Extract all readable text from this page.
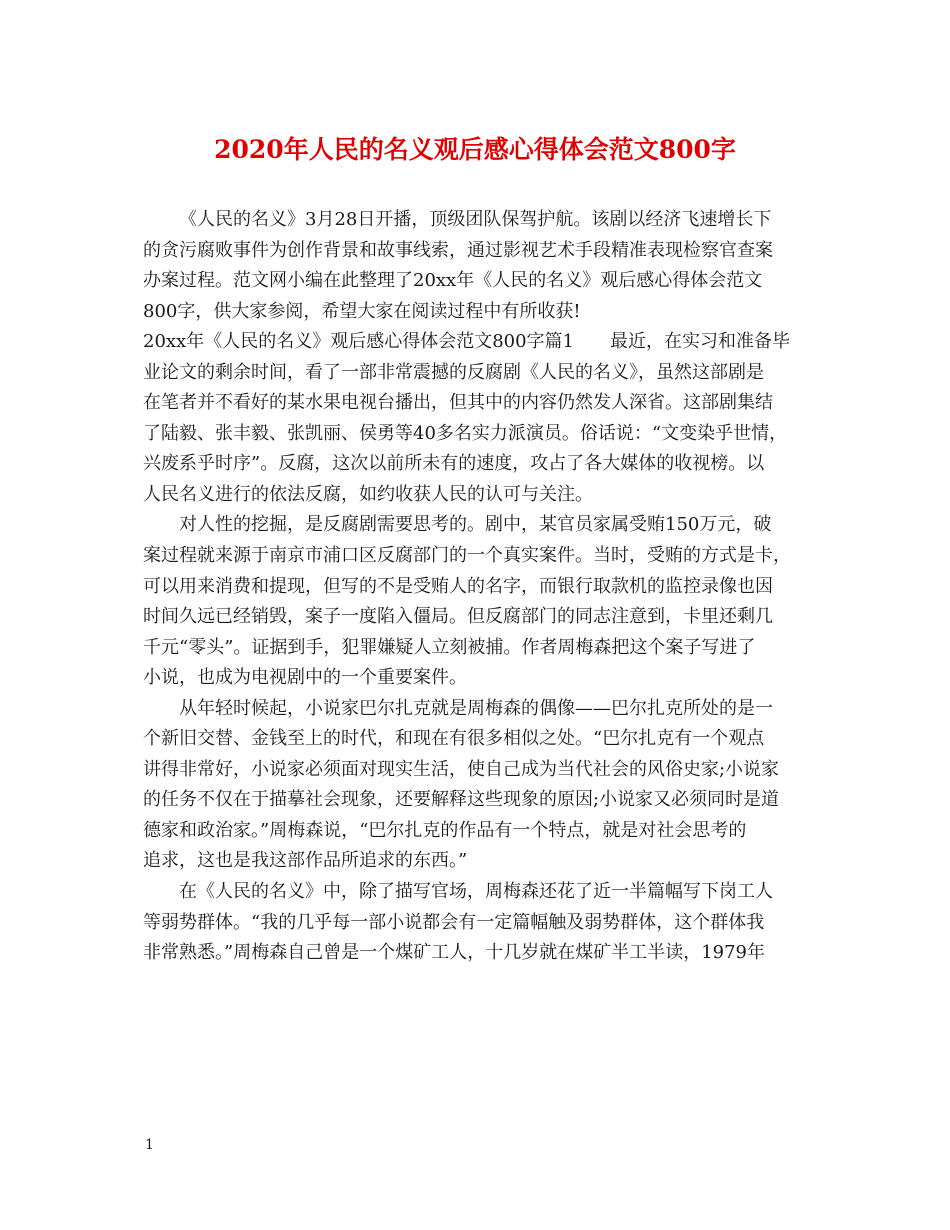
2020年人民的名义观后感心得体会范文800字
《人民的名义》3月28日开播，顶级团队保驾护航。该剧以经济飞速增长下
的贪污腐败事件为创作背景和故事线索，通过影视艺术手段精准表现检察官查案
办案过程。范文网小编在此整理了20xx年《人民的名义》观后感心得体会范文
800字，供大家参阅，希望大家在阅读过程中有所收获!
20xx年《人民的名义》观后感心得体会范文800字篇1　　最近，在实习和准备毕
业论文的剩余时间，看了一部非常震撼的反腐剧《人民的名义》，虽然这部剧是
在笔者并不看好的某水果电视台播出，但其中的内容仍然发人深省。这部剧集结
了陆毅、张丰毅、张凯丽、侯勇等40多名实力派演员。俗话说：“文变染乎世情，
兴废系乎时序”。反腐，这次以前所未有的速度，攻占了各大媒体的收视榜。以
人民名义进行的依法反腐，如约收获人民的认可与关注。
对人性的挖掘，是反腐剧需要思考的。剧中，某官员家属受贿150万元，破
案过程就来源于南京市浦口区反腐部门的一个真实案件。当时，受贿的方式是卡，
可以用来消费和提现，但写的不是受贿人的名字，而银行取款机的监控录像也因
时间久远已经销毁，案子一度陷入僵局。但反腐部门的同志注意到，卡里还剩几
千元“零头”。证据到手，犯罪嫌疑人立刻被捕。作者周梅森把这个案子写进了
小说，也成为电视剧中的一个重要案件。
从年轻时候起，小说家巴尔扎克就是周梅森的偶像——巴尔扎克所处的是一
个新旧交替、金钱至上的时代，和现在有很多相似之处。“巴尔扎克有一个观点
讲得非常好，小说家必须面对现实生活，使自己成为当代社会的风俗史家;小说家
的任务不仅在于描摹社会现象，还要解释这些现象的原因;小说家又必须同时是道
德家和政治家。”周梅森说，“巴尔扎克的作品有一个特点，就是对社会思考的
追求，这也是我这部作品所追求的东西。”
在《人民的名义》中，除了描写官场，周梅森还花了近一半篇幅写下岗工人
等弱势群体。“我的几乎每一部小说都会有一定篇幅触及弱势群体，这个群体我
非常熟悉。”周梅森自己曾是一个煤矿工人，十几岁就在煤矿半工半读，1979年
1
